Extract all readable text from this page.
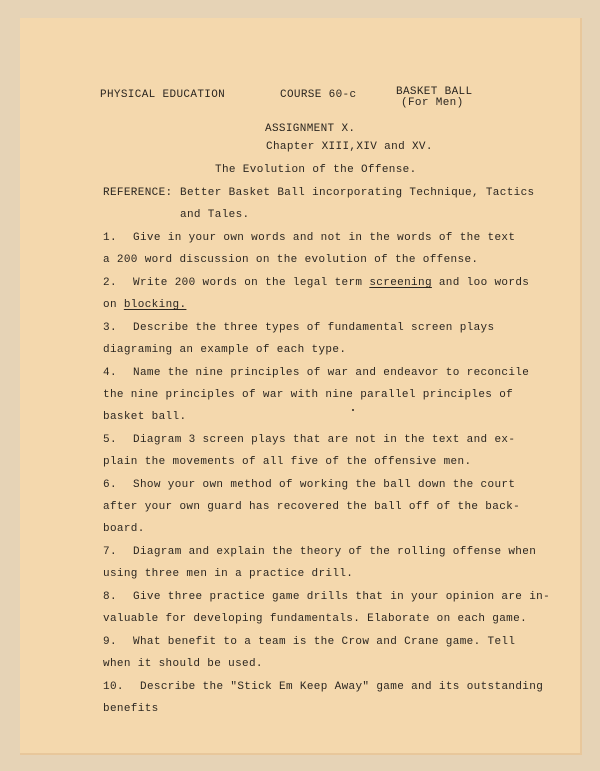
PHYSICAL EDUCATION	COURSE 60-c	BASKET BALL
(For Men)
ASSIGNMENT X.
Chapter XIII,XIV and XV.
The Evolution of the Offense.
REFERENCE: Better Basket Ball incorporating Technique, Tactics
and Tales.
1. Give in your own words and not in the words of the text
a 200 word discussion on the evolution of the offense.
2. Write 200 words on the legal term screening and loo words
on blocking.
3. Describe the three types of fundamental screen plays
diagraming an example of each type.
4. Name the nine principles of war and endeavor to reconcile
the nine principles of war with nine parallel principles of
basket ball.
5. Diagram 3 screen plays that are not in the text and ex-
plain the movements of all five of the offensive men.
6. Show your own method of working the ball down the court
after your own guard has recovered the ball off of the back-
board.
7. Diagram and explain the theory of the rolling offense when
using three men in a practice drill.
8. Give three practice game drills that in your opinion are in-
valuable for developing fundamentals. Elaborate on each game.
9. What benefit to a team is the Crow and Crane game. Tell
when it should be used.
10. Describe the "Stick Em Keep Away" game and its outstanding
benefits
